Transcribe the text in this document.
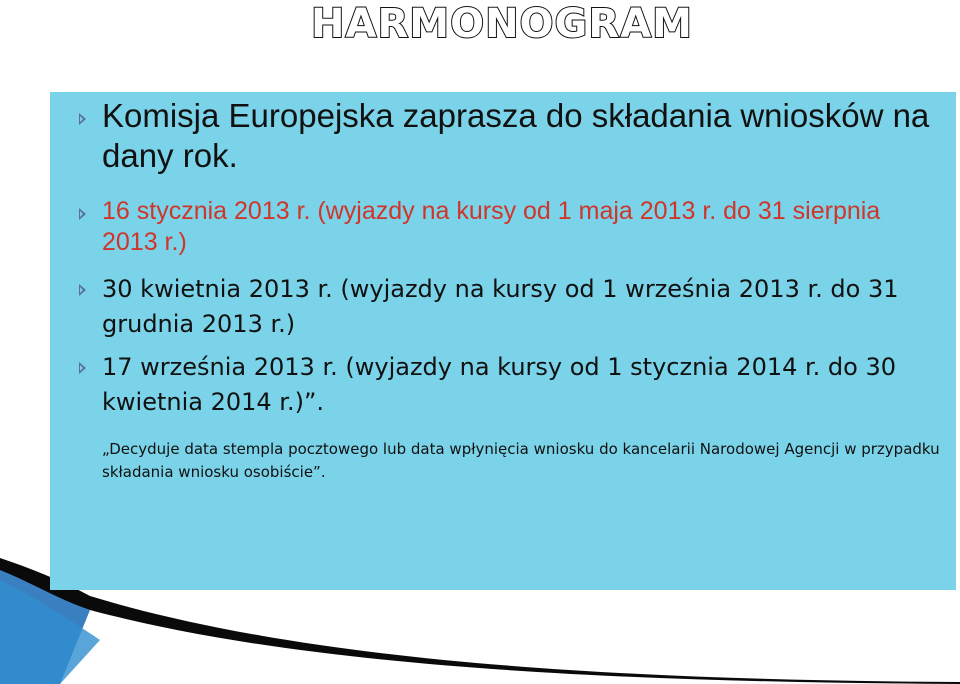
HARMONOGRAM
Komisja Europejska zaprasza do składania wniosków na dany rok.
16 stycznia 2013 r. (wyjazdy na kursy od 1 maja 2013 r. do 31 sierpnia 2013 r.)
30 kwietnia 2013 r. (wyjazdy na kursy od 1 września 2013 r. do 31 grudnia 2013 r.)
17 września 2013 r. (wyjazdy na kursy od 1 stycznia 2014 r. do 30 kwietnia 2014 r.)”.
„Decyduje data stempla pocztowego lub data wpłynięcia wniosku do kancelarii Narodowej Agencji w przypadku składania wniosku osobiście”.
